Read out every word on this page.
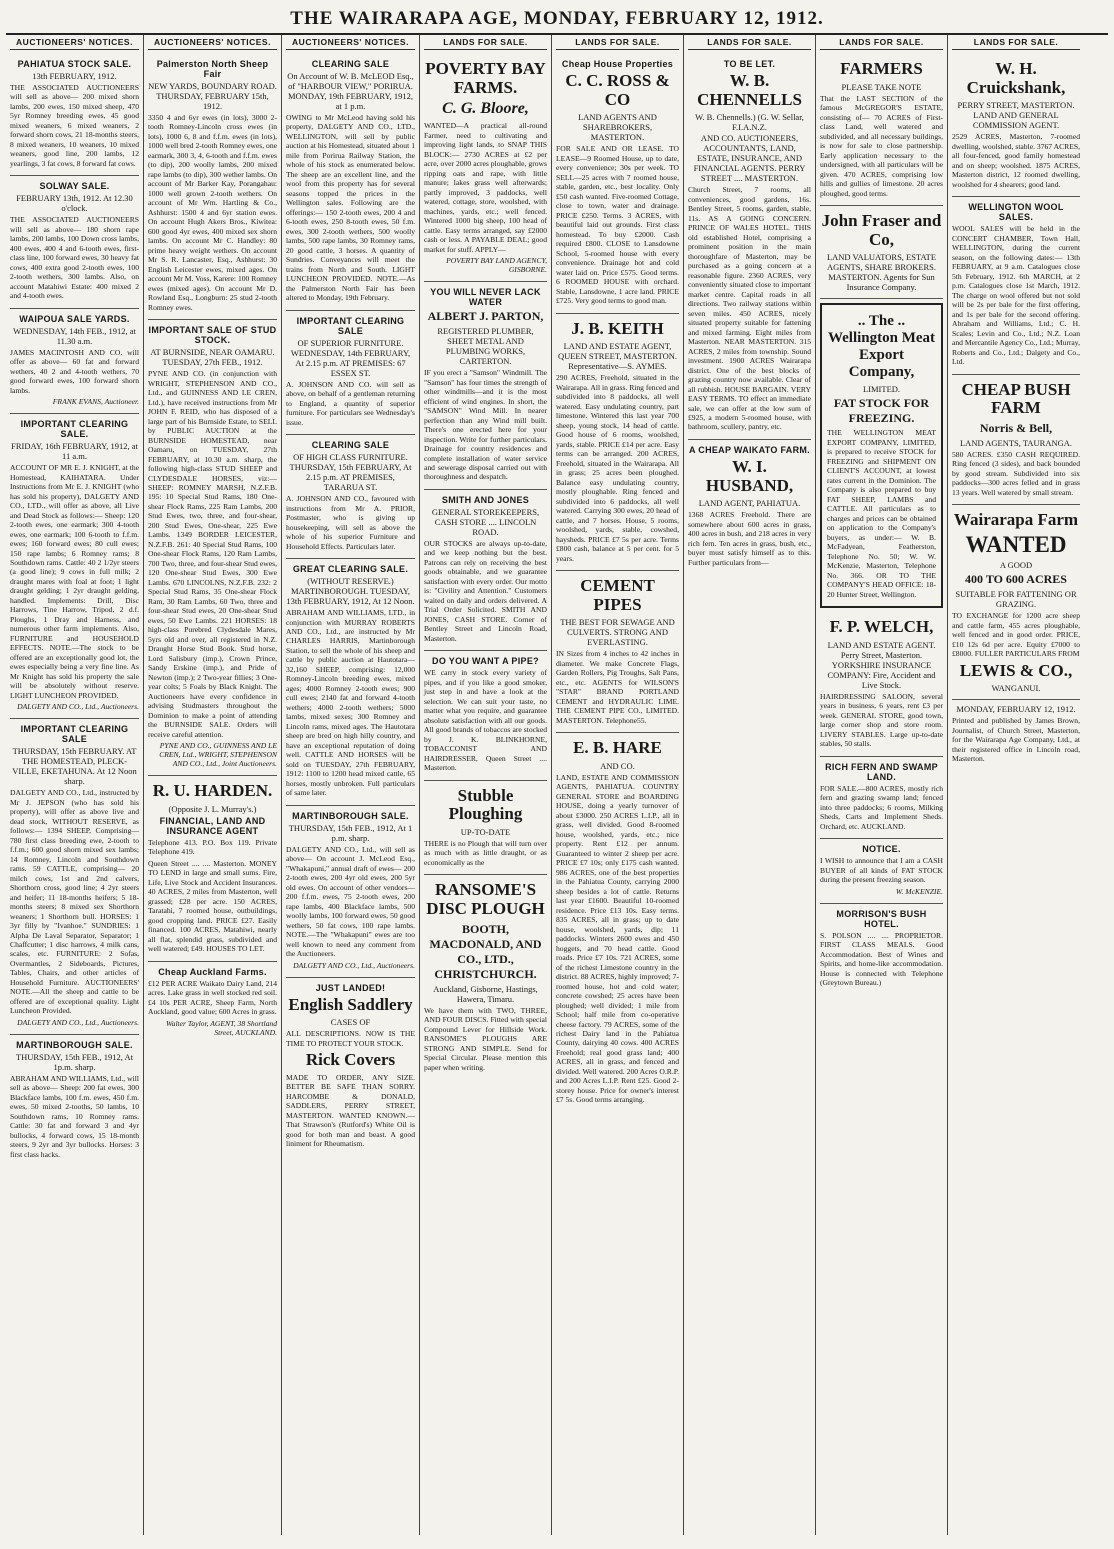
THE WAIRARAPA AGE, MONDAY, FEBRUARY 12, 1912.
AUCTIONEERS' NOTICES.
PAHIATUA STOCK SALE.
13th FEBRUARY, 1912.
THE ASSOCIATED AUCTIONEERS will sell as above— 200 mixed shorn lambs, 200 ewes, 150 mixed sheep, 470 5yr Romney breeding ewes, 45 good mixed weaners, 6 mixed weaners, 2 forward shorn cows, 21 18-months steers, 8 mixed weaners, 10 weaners, 10 mixed weaners, good line, 200 lambs, 12 yearlings, 3 fat cows, 8 forward fat cows.
SOLWAY SALE.
FEBRUARY 13th, 1912. At 12.30 o'clock.
THE ASSOCIATED AUCTIONEERS will sell as above— 180 shorn rape lambs, 200 lambs, 100 Down cross lambs, 400 ewes, 400 4 and 6-tooth ewes, first-class line, 100 forward ewes, 30 heavy fat cows, 400 extra good 2-tooth ewes, 100 2-tooth wethers, 300 lambs. Also, on account Matahiwi Estate: 400 mixed 2 and 4-tooth ewes.
WAIPOUA SALE YARDS.
WEDNESDAY, 14th FEB., 1912, at 11.30 a.m.
JAMES MACINTOSH AND CO. will offer as above— 60 fat and forward wethers, 40 2 and 4-tooth wethers, 70 good forward ewes, 100 forward shorn lambs.
FRANK EVANS, Auctioneer.
IMPORTANT CLEARING SALE.
FRIDAY, 16th FEBRUARY, 1912, at 11 a.m.
ACCOUNT OF MR E. J. KNIGHT, at the Homestead, KAIHATARA. Under Instructions from Mr E. J. KNIGHT (who has sold his property), DALGETY AND CO., LTD., will offer as above, all Live and Dead Stock as follows:— Sheep: 120 2-tooth ewes, one earmark; 300 4-tooth ewes, one earmark; 100 6-tooth to f.f.m. ewes; 160 forward ewes; 80 cull ewes; 150 rape lambs; 6 Romney rams; 8 Southdown rams. Cattle: 40 2 1/2yr steers (a good line); 9 cows in full milk; 2 draught mares with foal at foot; 1 light draught gelding; 1 2yr draught gelding, handled. Implements: Drill, Disc Harrows, Tine Harrow, Tripod, 2 d.f. Ploughs, 1 Dray and Harness, and numerous other farm implements. Also, FURNITURE and HOUSEHOLD EFFECTS. NOTE.—The stock to be offered are an exceptionally good lot, the ewes especially being a very fine line. As Mr Knight has sold his property the sale will be absolutely without reserve. LIGHT LUNCHEON PROVIDED.
DALGETY AND CO., Ltd., Auctioneers.
IMPORTANT CLEARING SALE
THURSDAY, 15th FEBRUARY. AT THE HOMESTEAD, PLECK-VILLE, EKETAHUNA. At 12 Noon sharp.
DALGETY AND CO., Ltd., instructed by Mr J. JEPSON (who has sold his property), will offer as above live and dead stock, WITHOUT RESERVE, as follows:— 1394 SHEEP, Comprising— 780 first class breeding ewe, 2-tooth to f.f.m.; 600 good shorn mixed sex lambs; 14 Romney, Lincoln and Southdown rams. 59 CATTLE, comprising— 20 milch cows, 1st and 2nd calvers, Shorthorn cross, good line; 4 2yr steers and heifer; 11 18-months heifers; 5 18-months steers; 8 mixed sex Shorthorn weaners; 1 Shorthorn bull. HORSES: 1 3yr filly by "Ivanhoe." SUNDRIES: 1 Alpha De Laval Separator, Separator; 1 Chaffcutter; 1 disc harrows, 4 milk cans, scales, etc. FURNITURE: 2 Sofas, Overmantles, 2 Sideboards, Pictures, Tables, Chairs, and other articles of Household Furniture. AUCTIONEERS' NOTE.—All the sheep and cattle to be offered are of exceptional quality. Light Luncheon Provided.
DALGETY AND CO., Ltd., Auctioneers.
MARTINBOROUGH SALE.
THURSDAY, 15th FEB., 1912, At 1p.m. sharp.
ABRAHAM AND WILLIAMS, Ltd., will sell as above— Sheep: 200 fat ewes, 300 Blackface lambs, 100 f.m. ewes, 450 f.m. ewes, 50 mixed 2-tooths, 50 lambs, 10 Southdown rams, 10 Romney rams. Cattle: 30 fat and forward 3 and 4yr bullocks, 4 forward cows, 15 18-month steers, 9 2yr and 3yr bullocks. Horses: 3 first class hacks.
AUCTIONEERS' NOTICES.
Palmerston North Sheep Fair
NEW YARDS, BOUNDARY ROAD. THURSDAY, FEBRUARY 15th, 1912.
3350 4 and 6yr ewes (in lots), 3000 2-tooth Romney-Lincoln cross ewes (in lots), 1000 6, 8 and f.f.m. ewes (in lots), 1000 well bred 2-tooth Romney ewes, one earmark, 300 3, 4, 6-tooth and f.f.m. ewes (to dip), 200 woolly lambs, 200 mixed rape lambs (to dip), 300 wether lambs. On account of Mr Barker Kay, Porangahau: 1000 well grown 2-tooth wethers. On account of Mr Wm. Hartling & Co., Ashhurst: 1500 4 and 6yr station ewes. On account Hugh Akers Bros., Kiwitea: 600 good 4yr ewes, 400 mixed sex shorn lambs. On account Mr C. Handley: 80 prime heavy weight wethers. On account Mr S. R. Lancaster, Esq., Ashhurst: 30 English Leicester ewes, mixed ages. On account Mr M. Voss, Karere: 100 Romney ewes (mixed ages). On account Mr D. Rowland Esq., Longburn: 25 stud 2-tooth Romney ewes.
IMPORTANT SALE OF STUD STOCK.
AT BURNSIDE, NEAR OAMARU. TUESDAY, 27th FEB., 1912.
PYNE AND CO. (in conjunction with WRIGHT, STEPHENSON AND CO., Ltd., and GUINNESS AND LE CREN, Ltd.), have received instructions from Mr JOHN F. REID, who has disposed of a large part of his Burnside Estate, to SELL by PUBLIC AUCTION at the BURNSIDE HOMESTEAD, near Oamaru, on TUESDAY, 27th FEBRUARY, at 10.30 a.m. sharp, the following high-class STUD SHEEP and CLYDESDALE HORSES, viz:— SHEEP: ROMNEY MARSH, N.Z.F.B. 195: 10 Special Stud Rams, 180 One-shear Flock Rams, 225 Ram Lambs, 200 Stud Ewes, two, three, and four-shear, 200 Stud Ewes, One-shear, 225 Ewe Lambs. 1349 BORDER LEICESTER, N.Z.F.B. 261: 40 Special Stud Rams, 100 One-shear Flock Rams, 120 Ram Lambs, 700 Two, three, and four-shear Stud ewes, 120 One-shear Stud Ewes, 300 Ewe Lambs. 670 LINCOLNS, N.Z.F.B. 232: 2 Special Stud Rams, 35 One-shear Flock Ram, 30 Ram Lambs, 60 Two, three and four-shear Stud ewes, 20 One-shear Stud ewes, 50 Ewe Lambs. 221 HORSES: 18 high-class Purebred Clydesdale Mares, 5yrs old and over, all registered in N.Z. Draught Horse Stud Book. Stud horse, Lord Salisbury (imp.), Crown Prince, Sandy Erskine (imp.), and Pride of Newton (imp.); 2 Two-year fillies; 3 One-year colts; 5 Foals by Black Knight. The Auctioneers have every confidence in advising Studmasters throughout the Dominion to make a point of attending the BURNSIDE SALE. Orders will receive careful attention.
PYNE AND CO., GUINNESS AND LE CREN, Ltd., WRIGHT, STEPHENSON AND CO., Ltd., Joint Auctioneers.
R. U. HARDEN.
(Opposite J. L. Murray's.)
FINANCIAL, LAND AND INSURANCE AGENT
Telephone 413. P.O. Box 119. Private Telephone 419.
Queen Street .... .... Masterton. MONEY TO LEND in large and small sums. Fire, Life, Live Stock and Accident Insurances. 40 ACRES, 2 miles from Masterton, well grassed; £28 per acre. 150 ACRES, Taratahi, 7 roomed house, outbuildings, good cropping land. PRICE £27. Easily financed. 100 ACRES, Matahiwi, nearly all flat, splendid grass, subdivided and well watered; £49. HOUSES TO LET.
Cheap Auckland Farms.
£12 PER ACRE Waikato Dairy Land, 214 acres. Lake grass in well stocked red soil. £4 10s PER ACRE, Sheep Farm, North Auckland, good value; 600 Acres in grass.
Walter Taylor, AGENT, 38 Shortland Street, AUCKLAND.
AUCTIONEERS' NOTICES.
CLEARING SALE
On Account of W. B. McLEOD Esq., of "HARBOUR VIEW," PORIRUA. MONDAY, 19th FEBRUARY, 1912, at 1 p.m.
OWING to Mr McLeod having sold his property, DALGETY AND CO., LTD., WELLINGTON, will sell by public auction at his Homestead, situated about 1 mile from Porirua Railway Station, the whole of his stock as enumerated below. The sheep are an excellent line, and the wool from this property has for several seasons topped the prices in the Wellington sales. Following are the offerings:— 150 2-tooth ewes, 200 4 and 6-tooth ewes, 250 8-tooth ewes, 50 f.m. ewes, 300 2-tooth wethers, 500 woolly lambs, 500 rape lambs, 30 Romney rams, 20 good cattle, 3 horses. A quantity of Sundries. Conveyances will meet the trains from North and South. LIGHT LUNCHEON PROVIDED. NOTE.—As the Palmerston North Fair has been altered to Monday, 19th February.
IMPORTANT CLEARING SALE
OF SUPERIOR FURNITURE. WEDNESDAY, 14th FEBRUARY, At 2.15 p.m. AT PREMISES: 67 ESSEX ST.
A. JOHNSON AND CO. will sell as above, on behalf of a gentleman returning to England, a quantity of superior furniture. For particulars see Wednesday's issue.
CLEARING SALE
OF HIGH CLASS FURNITURE. THURSDAY, 15th FEBRUARY, At 2.15 p.m. AT PREMISES, TARARUA ST.
A. JOHNSON AND CO., favoured with instructions from Mr A. PRIOR, Postmaster, who is giving up housekeeping, will sell as above the whole of his superior Furniture and Household Effects. Particulars later.
GREAT CLEARING SALE.
(WITHOUT RESERVE.) MARTINBOROUGH. TUESDAY, 13th FEBRUARY, 1912, At 12 Noon.
ABRAHAM AND WILLIAMS, LTD., in conjunction with MURRAY ROBERTS AND CO., Ltd., are instructed by Mr CHARLES HARRIS, Martinborough Station, to sell the whole of his sheep and cattle by public auction at Hautotara— 32,160 SHEEP, comprising: 12,000 Romney-Lincoln breeding ewes, mixed ages; 4000 Romney 2-tooth ewes; 900 cull ewes; 2140 fat and forward 4-tooth wethers; 4000 2-tooth wethers; 5000 lambs, mixed sexes; 300 Romney and Lincoln rams, mixed ages. The Hautotara sheep are bred on high hilly country, and have an exceptional reputation of doing well. CATTLE AND HORSES will be sold on TUESDAY, 27th FEBRUARY, 1912: 1100 to 1200 head mixed cattle, 65 horses, mostly unbroken. Full particulars of same later.
MARTINBOROUGH SALE.
THURSDAY, 15th FEB., 1912, At 1 p.m. sharp.
DALGETY AND CO., Ltd., will sell as above— On account J. McLeod Esq., "Whakapuni," annual draft of ewes— 200 2-tooth ewes, 200 4yr old ewes, 200 5yr old ewes. On account of other vendors— 200 f.f.m. ewes, 75 2-tooth ewes, 200 rape lambs, 400 Blackface lambs, 500 woolly lambs, 100 forward ewes, 50 good wethers, 50 fat cows, 100 rape lambs. NOTE.—The "Whakapuni" ewes are too well known to need any comment from the Auctioneers.
DALGETY AND CO., Ltd., Auctioneers.
JUST LANDED!
English Saddlery
CASES OF
ALL DESCRIPTIONS. NOW IS THE TIME TO PROTECT YOUR STOCK.
Rick Covers
MADE TO ORDER, ANY SIZE. BETTER BE SAFE THAN SORRY. HARCOMBE & DONALD, SADDLERS, PERRY STREET, MASTERTON. WANTED KNOWN.—That Strawson's (Rutford's) White Oil is good for both man and beast. A good liniment for Rheumatism.
LANDS FOR SALE.
POVERTY BAY FARMS.
C. G. Bloore,
WANTED—A practical all-round Farmer, need to cultivating and improving light lands, to SNAP THIS BLOCK:— 2730 ACRES at £2 per acre, over 2000 acres ploughable, grows ripping oats and rape, with little manure; lakes grass well afterwards; partly improved, 3 paddocks, well watered, cottage, store, woolshed, with machines, yards, etc.; well fenced. Wintered 1000 big sheep, 100 head of cattle. Easy terms arranged, say £2000 cash or less. A PAYABLE DEAL; good market for stuff. APPLY—
POVERTY BAY LAND AGENCY, GISBORNE.
YOU WILL NEVER LACK WATER
ALBERT J. PARTON,
REGISTERED PLUMBER, SHEET METAL AND PLUMBING WORKS, CARTERTON.
IF you erect a "Samson" Windmill. The "Samson" has four times the strength of other windmills—and it is the most efficient of wind engines. In short, the "SAMSON" Wind Mill. In nearer perfection than any Wind mill built. There's one erected here for your inspection. Write for further particulars. Drainage for country residences and complete installation of water service and sewerage disposal carried out with thoroughness and despatch.
SMITH AND JONES
GENERAL STOREKEEPERS, CASH STORE .... LINCOLN ROAD.
OUR STOCKS are always up-to-date, and we keep nothing but the best. Patrons can rely on receiving the best goods obtainable, and we guarantee satisfaction with every order. Our motto is: "Civility and Attention." Customers waited on daily and orders delivered. A Trial Order Solicited. SMITH AND JONES, CASH STORE. Corner of Bentley Street and Lincoln Road, Masterton.
DO YOU WANT A PIPE?
WE carry in stock every variety of pipes, and if you like a good smoker, just step in and have a look at the selection. We can suit your taste, no matter what you require, and guarantee absolute satisfaction with all our goods. All good brands of tobaccos are stocked by J. K. BLINKHORNE, TOBACCONIST AND HAIRDRESSER, Queen Street .... Masterton.
Stubble Ploughing
UP-TO-DATE
THERE is no Plough that will turn over as much with as little draught, or as economically as the
RANSOME'S DISC PLOUGH
BOOTH, MACDONALD, AND CO., LTD., CHRISTCHURCH.
Auckland, Gisborne, Hastings, Hawera, Timaru.
We have them with TWO, THREE, AND FOUR DISCS. Fitted with special Compound Lever for Hillside Work. RANSOME'S PLOUGHS ARE STRONG AND SIMPLE. Send for Special Circular. Please mention this paper when writing.
LANDS FOR SALE.
Cheap House Properties
C. C. ROSS & CO
LAND AGENTS AND SHAREBROKERS, MASTERTON.
FOR SALE AND OR LEASE. TO LEASE—9 Roomed House, up to date, every convenience; 30s per week. TO SELL—25 acres with 7 roomed house, stable, garden, etc., best locality. Only £50 cash wanted. Five-roomed Cottage, close to town, water and drainage. PRICE £250. Terms. 3 ACRES, with beautiful laid out grounds. First class homestead. To buy £2000. Cash required £800. CLOSE to Lansdowne School, 5-roomed house with every convenience. Drainage hot and cold water laid on. Price £575. Good terms. 6 ROOMED HOUSE with orchard. Stable, Lansdowne, 1 acre land. PRICE £725. Very good terms to good man.
J. B. KEITH
LAND AND ESTATE AGENT, QUEEN STREET, MASTERTON. Representative—S. AYMES.
290 ACRES, Freehold, situated in the Wairarapa. All in grass. Ring fenced and subdivided into 8 paddocks, all well watered. Easy undulating country, part limestone. Wintered this last year 700 sheep, young stock, 14 head of cattle. Good house of 6 rooms, woolshed, yards, stable. PRICE £14 per acre. Easy terms can be arranged. 200 ACRES, Freehold, situated in the Wairarapa. All in grass; 25 acres been ploughed. Balance easy undulating country, mostly ploughable. Ring fenced and subdivided into 6 paddocks, all well watered. Carrying 300 ewes, 20 head of cattle, and 7 horses. House, 5 rooms, woolshed, yards, stable, cowshed, haysheds. PRICE £7 5s per acre. Terms £800 cash, balance at 5 per cent. for 5 years.
CEMENT PIPES
THE BEST FOR SEWAGE AND CULVERTS. STRONG AND EVERLASTING.
IN Sizes from 4 inches to 42 inches in diameter. We make Concrete Flags, Garden Rollers, Pig Troughs, Salt Pans, etc., etc. AGENTS for WILSON'S "STAR" BRAND PORTLAND CEMENT and HYDRAULIC LIME. THE CEMENT PIPE CO., LIMITED. MASTERTON. Telephone55.
E. B. HARE
AND CO.
LAND, ESTATE AND COMMISSION AGENTS, PAHIATUA. COUNTRY GENERAL STORE and BOARDING HOUSE, doing a yearly turnover of about £3000. 250 ACRES L.I.P., all in grass, well divided. Good 8-roomed house, woolshed, yards, etc.; nice property. Rent £12 per annum. Guaranteed to winter 2 sheep per acre. PRICE £7 10s; only £175 cash wanted. 986 ACRES, one of the best properties in the Pahiatua County, carrying 2000 sheep besides a lot of cattle. Returns last year £1600. Beautiful 10-roomed residence. Price £13 10s. Easy terms. 835 ACRES, all in grass; up to date house, woolshed, yards, dip; 11 paddocks. Winters 2600 ewes and 450 hoggets, and 70 head cattle. Good roads. Price £7 10s. 721 ACRES, some of the richest Limestone country in the district. 88 ACRES, highly improved; 7-roomed house, hot and cold water; concrete cowshed; 25 acres have been ploughed; well divided; 1 mile from School; half mile from co-operative cheese factory. 79 ACRES, some of the richest Dairy land in the Pahiatua County, dairying 40 cows. 400 ACRES Freehold; real good grass land; 400 ACRES, all in grass, and fenced and divided. Well watered. 200 Acres O.R.P. and 200 Acres L.I.P. Rent £25. Good 2-storey house. Price for owner's interest £7 5s. Good terms arranging.
LANDS FOR SALE.
TO BE LET.
W. B. CHENNELLS
W. B. Chennells.) (G. W. Sellar, F.I.A.N.Z.
AND CO. AUCTIONEERS, ACCOUNTANTS, LAND, ESTATE, INSURANCE, AND FINANCIAL AGENTS. PERRY STREET .... MASTERTON.
Church Street, 7 rooms, all conveniences, good gardens, 16s. Bentley Street, 5 rooms, garden, stable, 11s. AS A GOING CONCERN. PRINCE OF WALES HOTEL. THIS old established Hotel, comprising a prominent position in the main thoroughfare of Masterton, may be purchased as a going concern at a reasonable figure. 2360 ACRES, very conveniently situated close to important market centre. Capital roads in all directions. Two railway stations within seven miles. 450 ACRES, nicely situated property suitable for fattening and mixed farming. Eight miles from Masterton. NEAR MASTERTON. 315 ACRES, 2 miles from township. Sound investment. 1900 ACRES Wairarapa district. One of the best blocks of grazing country now available. Clear of all rubbish. HOUSE BARGAIN. VERY EASY TERMS. TO effect an immediate sale, we can offer at the low sum of £925, a modern 5-roomed house, with bathroom, scullery, pantry, etc.
A CHEAP WAIKATO FARM.
W. I. HUSBAND,
LAND AGENT, PAHIATUA.
1368 ACRES Freehold. There are somewhere about 600 acres in grass, 400 acres in bush, and 218 acres in very rich fern. Ten acres in grass, bush, etc., buyer must satisfy himself as to this. Further particulars from—
LANDS FOR SALE.
FARMERS
PLEASE TAKE NOTE
That the LAST SECTION of the famous McGREGOR'S ESTATE, consisting of— 70 ACRES of First-class Land, well watered and subdivided, and all necessary buildings, is now for sale to close partnership. Early application necessary to the undersigned, with all particulars will be given. 470 ACRES, comprising low hills and gullies of limestone. 20 acres ploughed, good terms.
John Fraser and Co,
LAND VALUATORS, ESTATE AGENTS, SHARE BROKERS. MASTERTON. Agents for Sun Insurance Company.
.. The .. Wellington Meat Export Company,
LIMITED.
FAT STOCK FOR FREEZING.
THE WELLINGTON MEAT EXPORT COMPANY, LIMITED, is prepared to receive STOCK for FREEZING and SHIPMENT ON CLIENT'S ACCOUNT, at lowest rates current in the Dominion. The Company is also prepared to buy FAT SHEEP, LAMBS and CATTLE. All particulars as to charges and prices can be obtained on application to the Company's buyers, as under:— W. B. McFadyean, Featherston, Telephone No. 50; W. W. McKenzie, Masterton, Telephone No. 366. OR TO THE COMPANY'S HEAD OFFICE: 18-20 Hunter Street, Wellington.
F. P. WELCH,
LAND AND ESTATE AGENT. Perry Street, Masterton. YORKSHIRE INSURANCE COMPANY: Fire, Accident and Live Stock.
HAIRDRESSING SALOON, several years in business, 6 years, rent £3 per week. GENERAL STORE, good town, large corner shop and store room. LIVERY STABLES. Large up-to-date stables, 50 stalls.
RICH FERN AND SWAMP LAND.
FOR SALE.—800 ACRES, mostly rich fern and grazing swamp land; fenced into three paddocks; 6 rooms, Milking Sheds, Carts and Implement Sheds. Orchard, etc. AUCKLAND.
NOTICE.
I WISH to announce that I am a CASH BUYER of all kinds of FAT STOCK during the present freezing season.
W. McKENZIE.
MORRISON'S BUSH HOTEL.
S. POLSON .... .... PROPRIETOR. FIRST CLASS MEALS. Good Accommodation. Best of Wines and Spirits, and home-like accommodation. House is connected with Telephone (Greytown Bureau.)
LANDS FOR SALE.
W. H. Cruickshank,
PERRY STREET, MASTERTON. LAND AND GENERAL COMMISSION AGENT.
2529 ACRES, Masterton, 7-roomed dwelling, woolshed, stable. 3767 ACRES, all four-fenced, good family homestead and on sheep; woolshed. 1875 ACRES, Masterton district, 12 roomed dwelling, woolshed for 4 shearers; good land.
WELLINGTON WOOL SALES.
WOOL SALES will be held in the CONCERT CHAMBER, Town Hall, WELLINGTON, during the current season, on the following dates:— 13th FEBRUARY, at 9 a.m. Catalogues close 5th February, 1912. 6th MARCH, at 2 p.m. Catalogues close 1st March, 1912. The charge on wool offered but not sold will be 2s per bale for the first offering, and 1s per bale for the second offering. Abraham and Williams, Ltd.; C. H. Scales; Levin and Co., Ltd.; N.Z. Loan and Mercantile Agency Co., Ltd.; Murray, Roberts and Co., Ltd.; Dalgety and Co., Ltd.
CHEAP BUSH FARM
Norris & Bell,
LAND AGENTS, TAURANGA.
580 ACRES. £350 CASH REQUIRED. Ring fenced (3 sides), and back bounded by good stream. Subdivided into six paddocks—300 acres felled and in grass 13 years. Well watered by small stream.
Wairarapa Farm
WANTED
A GOOD
400 TO 600 ACRES
SUITABLE FOR FATTENING OR GRAZING.
TO EXCHANGE for 1200 acre sheep and cattle farm, 455 acres ploughable, well fenced and in good order. PRICE, £10 12s 6d per acre. Equity £7000 to £8000. FULLER PARTICULARS FROM
LEWIS & CO.,
WANGANUI.
MONDAY, FEBRUARY 12, 1912.
Printed and published by James Brown, Journalist, of Church Street, Masterton, for the Wairarapa Age Company, Ltd., at their registered office in Lincoln road, Masterton.
